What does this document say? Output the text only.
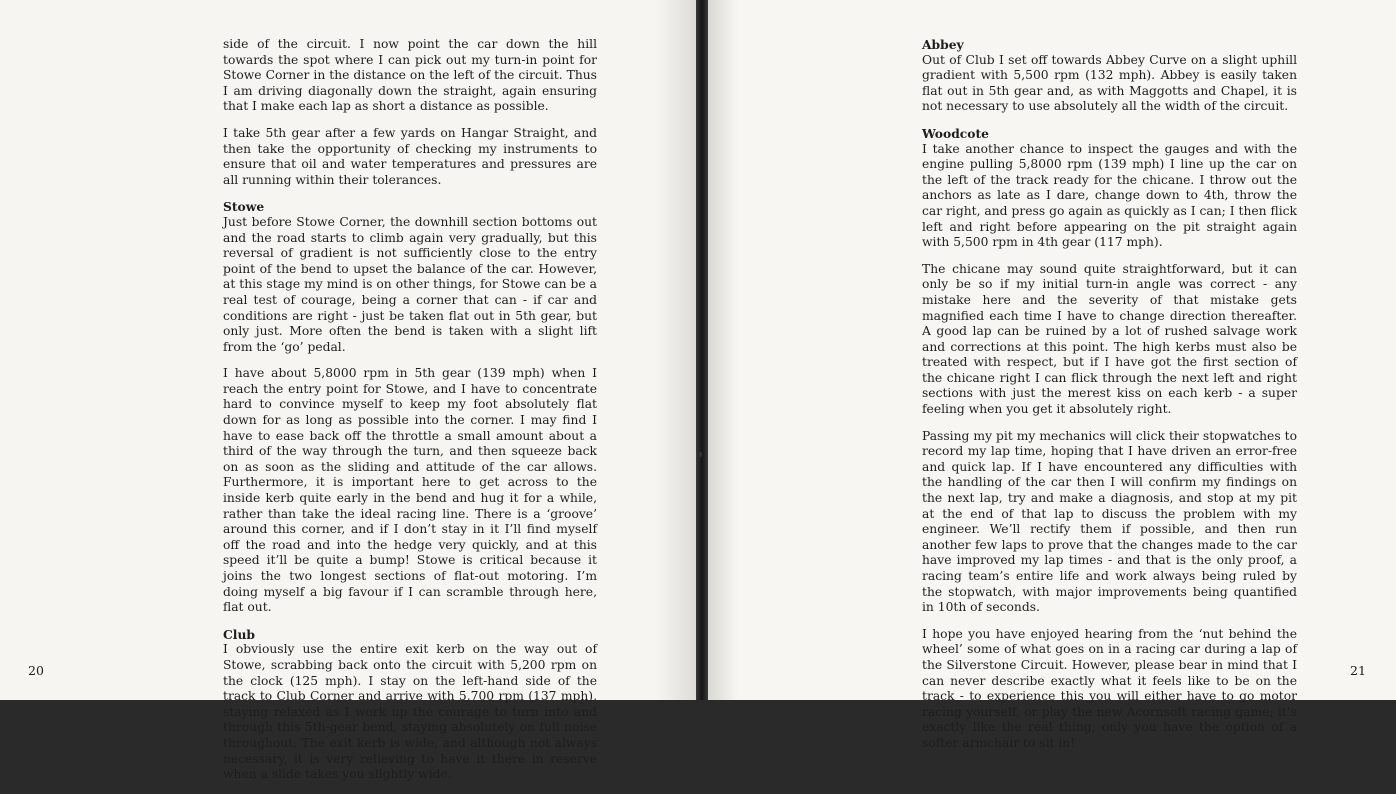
side of the circuit. I now point the car down the hill towards the spot where I can pick out my turn-in point for Stowe Corner in the distance on the left of the circuit. Thus I am driving diagonally down the straight, again ensuring that I make each lap as short a distance as possible.

I take 5th gear after a few yards on Hangar Straight, and then take the opportunity of checking my instruments to ensure that oil and water temperatures and pressures are all running within their tolerances.

Stowe

Just before Stowe Corner, the downhill section bottoms out and the road starts to climb again very gradually, but this reversal of gradient is not sufficiently close to the entry point of the bend to upset the balance of the car. However, at this stage my mind is on other things, for Stowe can be a real test of courage, being a corner that can - if car and conditions are right - just be taken flat out in 5th gear, but only just. More often the bend is taken with a slight lift from the ‘go’ pedal.

I have about 5,8000 rpm in 5th gear (139 mph) when I reach the entry point for Stowe, and I have to concentrate hard to convince myself to keep my foot absolutely flat down for as long as possible into the corner. I may find I have to ease back off the throttle a small amount about a third of the way through the turn, and then squeeze back on as soon as the sliding and attitude of the car allows. Furthermore, it is important here to get across to the inside kerb quite early in the bend and hug it for a while, rather than take the ideal racing line. There is a ‘groove’ around this corner, and if I don’t stay in it I’ll find myself off the road and into the hedge very quickly, and at this speed it’ll be quite a bump! Stowe is critical because it joins the two longest sections of flat-out motoring. I’m doing myself a big favour if I can scramble through here, flat out.

Club

I obviously use the entire exit kerb on the way out of Stowe, scrabbing back onto the circuit with 5,200 rpm on the clock (125 mph). I stay on the left-hand side of the track to Club Corner and arrive with 5,700 rpm (137 mph), staying relaxed as I work up the courage to turn into and through this 5th-gear bend, staying absolutely on full noise throughout. The exit kerb is wide, and although not always necessary, it is very relieving to have it there in reserve when a slide takes you slightly wide.

20
Abbey

Out of Club I set off towards Abbey Curve on a slight uphill gradient with 5,500 rpm (132 mph). Abbey is easily taken flat out in 5th gear and, as with Maggotts and Chapel, it is not necessary to use absolutely all the width of the circuit.

Woodcote

I take another chance to inspect the gauges and with the engine pulling 5,8000 rpm (139 mph) I line up the car on the left of the track ready for the chicane. I throw out the anchors as late as I dare, change down to 4th, throw the car right, and press go again as quickly as I can; I then flick left and right before appearing on the pit straight again with 5,500 rpm in 4th gear (117 mph).

The chicane may sound quite straightforward, but it can only be so if my initial turn-in angle was correct - any mistake here and the severity of that mistake gets magnified each time I have to change direction thereafter. A good lap can be ruined by a lot of rushed salvage work and corrections at this point. The high kerbs must also be treated with respect, but if I have got the first section of the chicane right I can flick through the next left and right sections with just the merest kiss on each kerb - a super feeling when you get it absolutely right.

Passing my pit my mechanics will click their stopwatches to record my lap time, hoping that I have driven an error-free and quick lap. If I have encountered any difficulties with the handling of the car then I will confirm my findings on the next lap, try and make a diagnosis, and stop at my pit at the end of that lap to discuss the problem with my engineer. We’ll rectify them if possible, and then run another few laps to prove that the changes made to the car have improved my lap times - and that is the only proof, a racing team’s entire life and work always being ruled by the stopwatch, with major improvements being quantified in 10th of seconds.

I hope you have enjoyed hearing from the ‘nut behind the wheel’ some of what goes on in a racing car during a lap of the Silverstone Circuit. However, please bear in mind that I can never describe exactly what it feels like to be on the track - to experience this you will either have to go motor racing yourself, or play the new Acornsoft racing game; it’s exactly like the real thing, only you have the option of a softer armchair to sit in!

21
